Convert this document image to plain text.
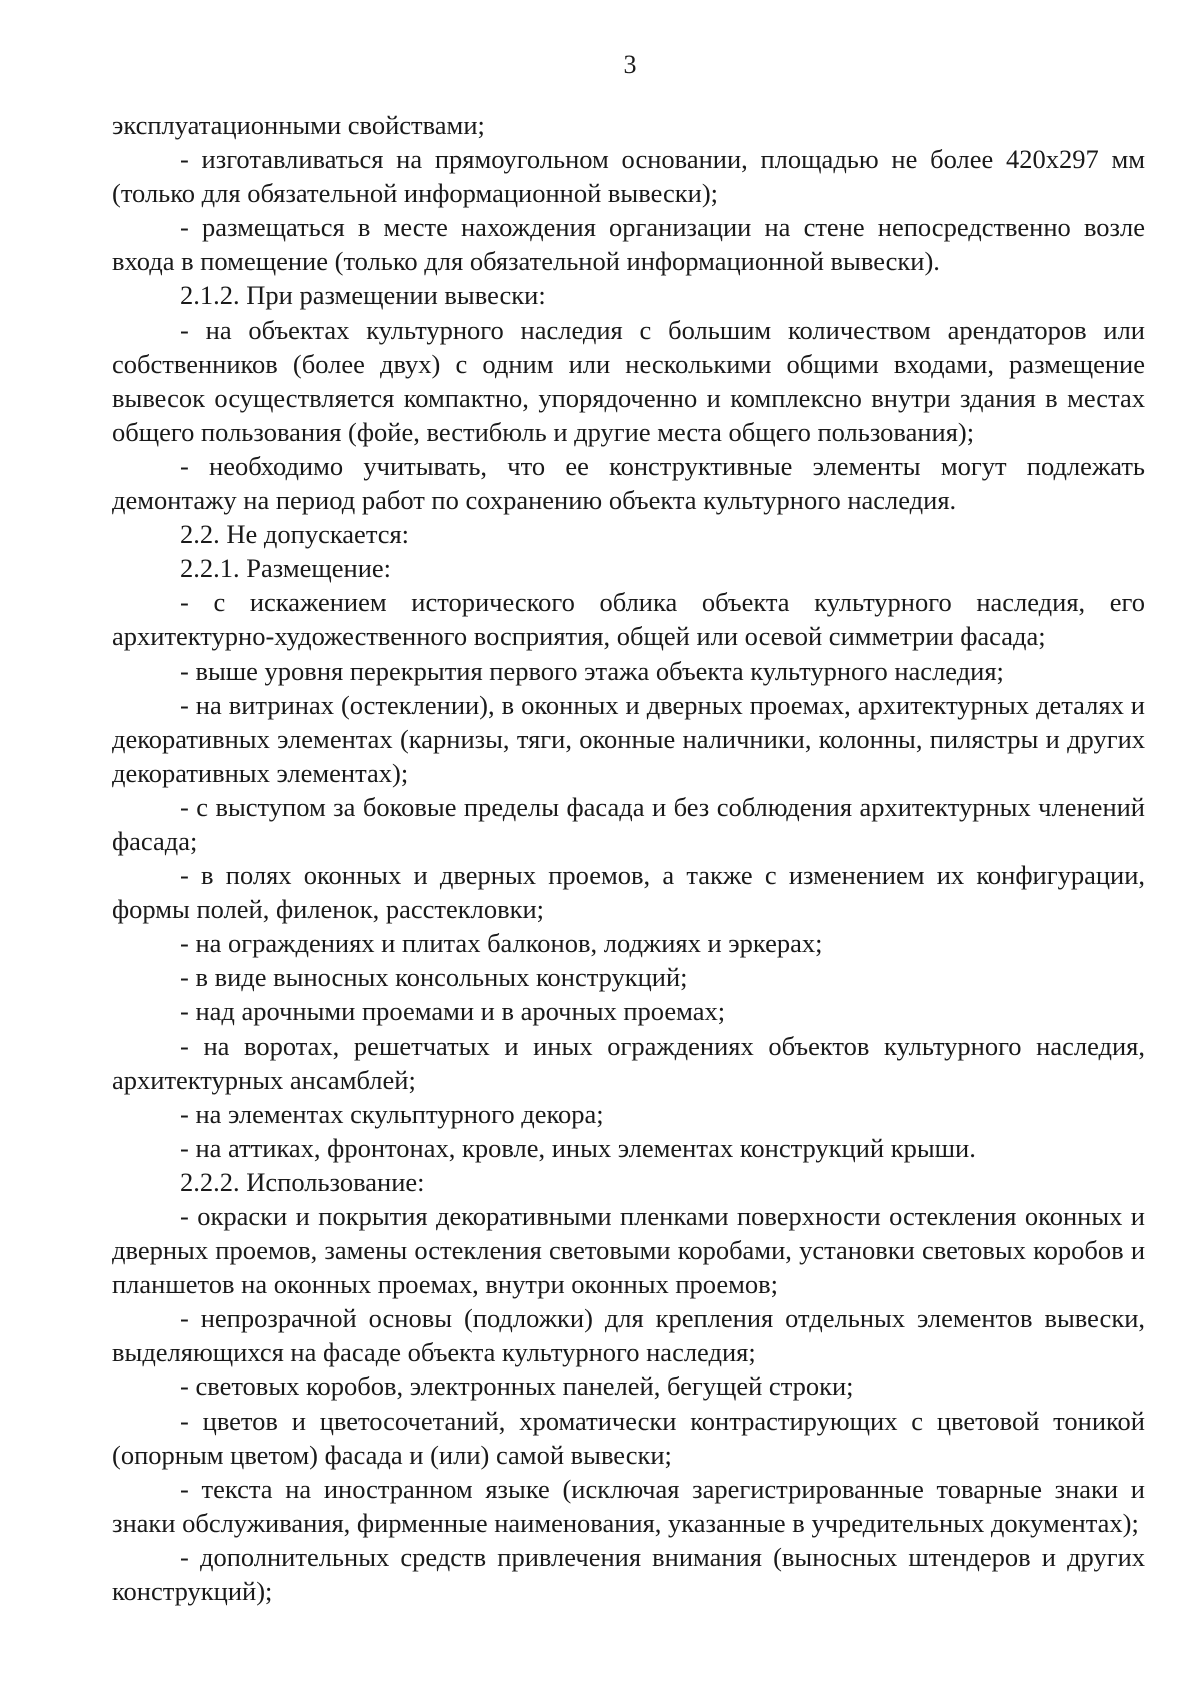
3

эксплуатационными свойствами;

- изготавливаться на прямоугольном основании, площадью не более 420х297 мм (только для обязательной информационной вывески);

- размещаться в месте нахождения организации на стене непосредственно возле входа в помещение (только для обязательной информационной вывески).

2.1.2. При размещении вывески:

- на объектах культурного наследия с большим количеством арендаторов или собственников (более двух) с одним или несколькими общими входами, размещение вывесок осуществляется компактно, упорядоченно и комплексно внутри здания в местах общего пользования (фойе, вестибюль и другие места общего пользования);

- необходимо учитывать, что ее конструктивные элементы могут подлежать демонтажу на период работ по сохранению объекта культурного наследия.

2.2. Не допускается:

2.2.1. Размещение:

- с искажением исторического облика объекта культурного наследия, его архитектурно-художественного восприятия, общей или осевой симметрии фасада;

- выше уровня перекрытия первого этажа объекта культурного наследия;

- на витринах (остеклении), в оконных и дверных проемах, архитектурных деталях и декоративных элементах (карнизы, тяги, оконные наличники, колонны, пилястры и других декоративных элементах);

- с выступом за боковые пределы фасада и без соблюдения архитектурных членений фасада;

- в полях оконных и дверных проемов, а также с изменением их конфигурации, формы полей, филенок, расстекловки;

- на ограждениях и плитах балконов, лоджиях и эркерах;

- в виде выносных консольных конструкций;

- над арочными проемами и в арочных проемах;

- на воротах, решетчатых и иных ограждениях объектов культурного наследия, архитектурных ансамблей;

- на элементах скульптурного декора;

- на аттиках, фронтонах, кровле, иных элементах конструкций крыши.

2.2.2. Использование:

- окраски и покрытия декоративными пленками поверхности остекления оконных и дверных проемов, замены остекления световыми коробами, установки световых коробов и планшетов на оконных проемах, внутри оконных проемов;

- непрозрачной основы (подложки) для крепления отдельных элементов вывески, выделяющихся на фасаде объекта культурного наследия;

- световых коробов, электронных панелей, бегущей строки;

- цветов и цветосочетаний, хроматически контрастирующих с цветовой тоникой (опорным цветом) фасада и (или) самой вывески;

- текста на иностранном языке (исключая зарегистрированные товарные знаки и знаки обслуживания, фирменные наименования, указанные в учредительных документах);

- дополнительных средств привлечения внимания (выносных штендеров и других конструкций);
